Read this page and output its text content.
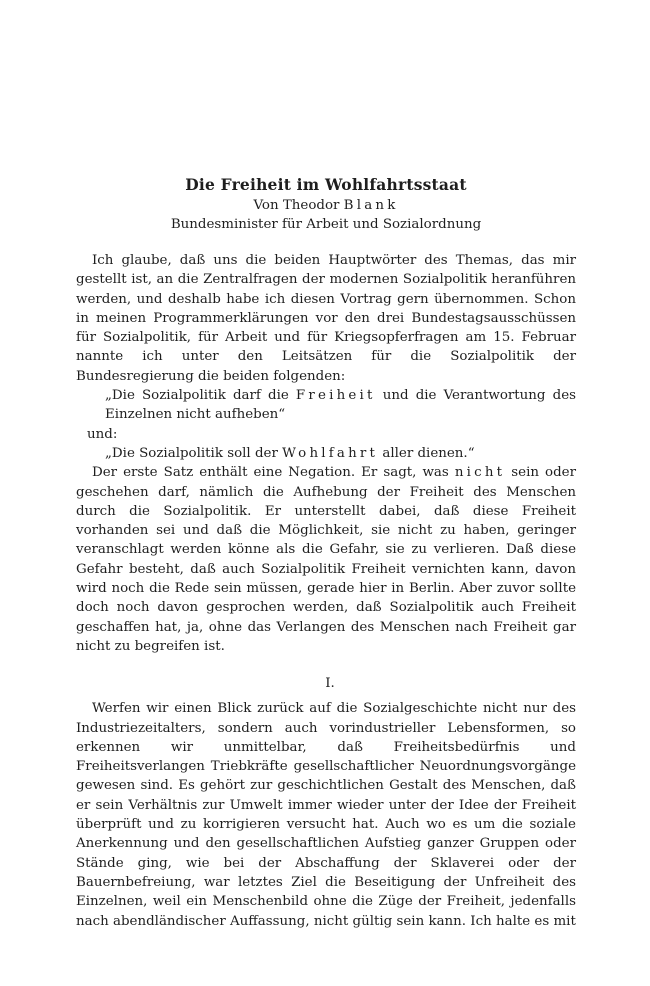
Die Freiheit im Wohlfahrtsstaat

Von Theodor Blank

Bundesminister für Arbeit und Sozialordnung

Ich glaube, daß uns die beiden Hauptwörter des Themas, das mir gestellt ist, an die Zentralfragen der modernen Sozialpolitik heranführen werden, und deshalb habe ich diesen Vortrag gern übernommen. Schon in meinen Programmerklärungen vor den drei Bundestagsausschüssen für Sozialpolitik, für Arbeit und für Kriegsopferfragen am 15. Februar nannte ich unter den Leitsätzen für die Sozialpolitik der Bundesregierung die beiden folgenden:

„Die Sozialpolitik darf die Freiheit und die Verantwortung des Einzelnen nicht aufheben“

und:

„Die Sozialpolitik soll der Wohlfahrt aller dienen.“

Der erste Satz enthält eine Negation. Er sagt, was nicht sein oder geschehen darf, nämlich die Aufhebung der Freiheit des Menschen durch die Sozialpolitik. Er unterstellt dabei, daß diese Freiheit vorhanden sei und daß die Möglichkeit, sie nicht zu haben, geringer veranschlagt werden könne als die Gefahr, sie zu verlieren. Daß diese Gefahr besteht, daß auch Sozialpolitik Freiheit vernichten kann, davon wird noch die Rede sein müssen, gerade hier in Berlin. Aber zuvor sollte doch noch davon gesprochen werden, daß Sozialpolitik auch Freiheit geschaffen hat, ja, ohne das Verlangen des Menschen nach Freiheit gar nicht zu begreifen ist.

I.

Werfen wir einen Blick zurück auf die Sozialgeschichte nicht nur des Industriezeitalters, sondern auch vorindustrieller Lebensformen, so erkennen wir unmittelbar, daß Freiheitsbedürfnis und Freiheitsverlangen Triebkräfte gesellschaftlicher Neuordnungsvorgänge gewesen sind. Es gehört zur geschichtlichen Gestalt des Menschen, daß er sein Verhältnis zur Umwelt immer wieder unter der Idee der Freiheit überprüft und zu korrigieren versucht hat. Auch wo es um die soziale Anerkennung und den gesellschaftlichen Aufstieg ganzer Gruppen oder Stände ging, wie bei der Abschaffung der Sklaverei oder der Bauernbefreiung, war letztes Ziel die Beseitigung der Unfreiheit des Einzelnen, weil ein Menschenbild ohne die Züge der Freiheit, jedenfalls nach abendländischer Auffassung, nicht gültig sein kann. Ich halte es mit
